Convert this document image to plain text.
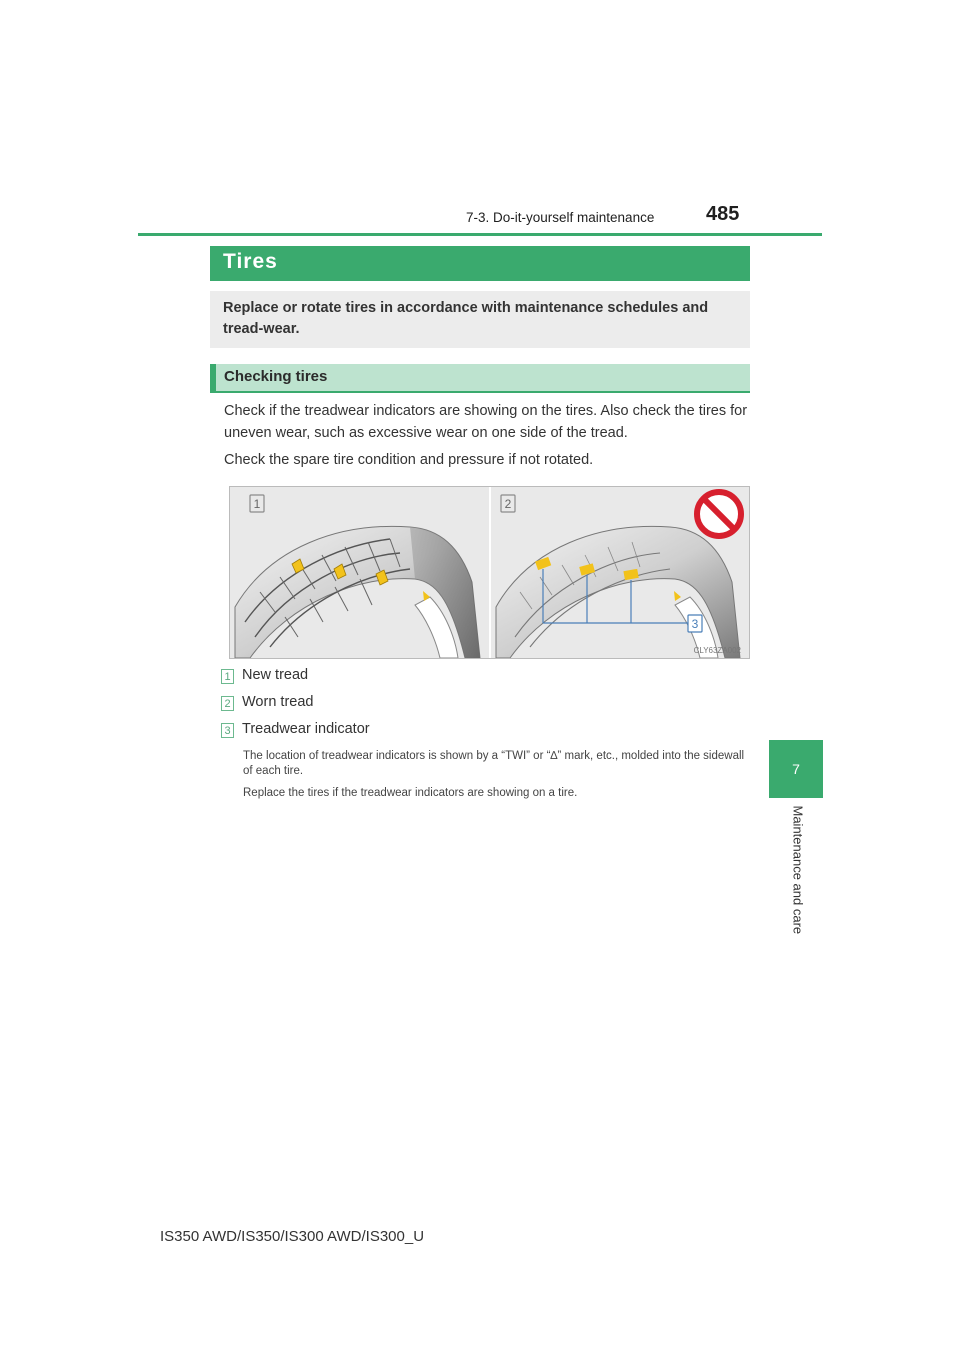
7-3. Do-it-yourself maintenance	485
7
Maintenance and care
Tires
Replace or rotate tires in accordance with maintenance schedules and tread-wear.
Checking tires
Check if the treadwear indicators are showing on the tires. Also check the tires for uneven wear, such as excessive wear on one side of the tread.
Check the spare tire condition and pressure if not rotated.
1	2
3
CLY63ZA002
1 New tread
2 Worn tread
3 Treadwear indicator
The location of treadwear indicators is shown by a “TWI” or “∆” mark, etc., molded into the sidewall of each tire.
Replace the tires if the treadwear indicators are showing on a tire.
IS350 AWD/IS350/IS300 AWD/IS300_U
